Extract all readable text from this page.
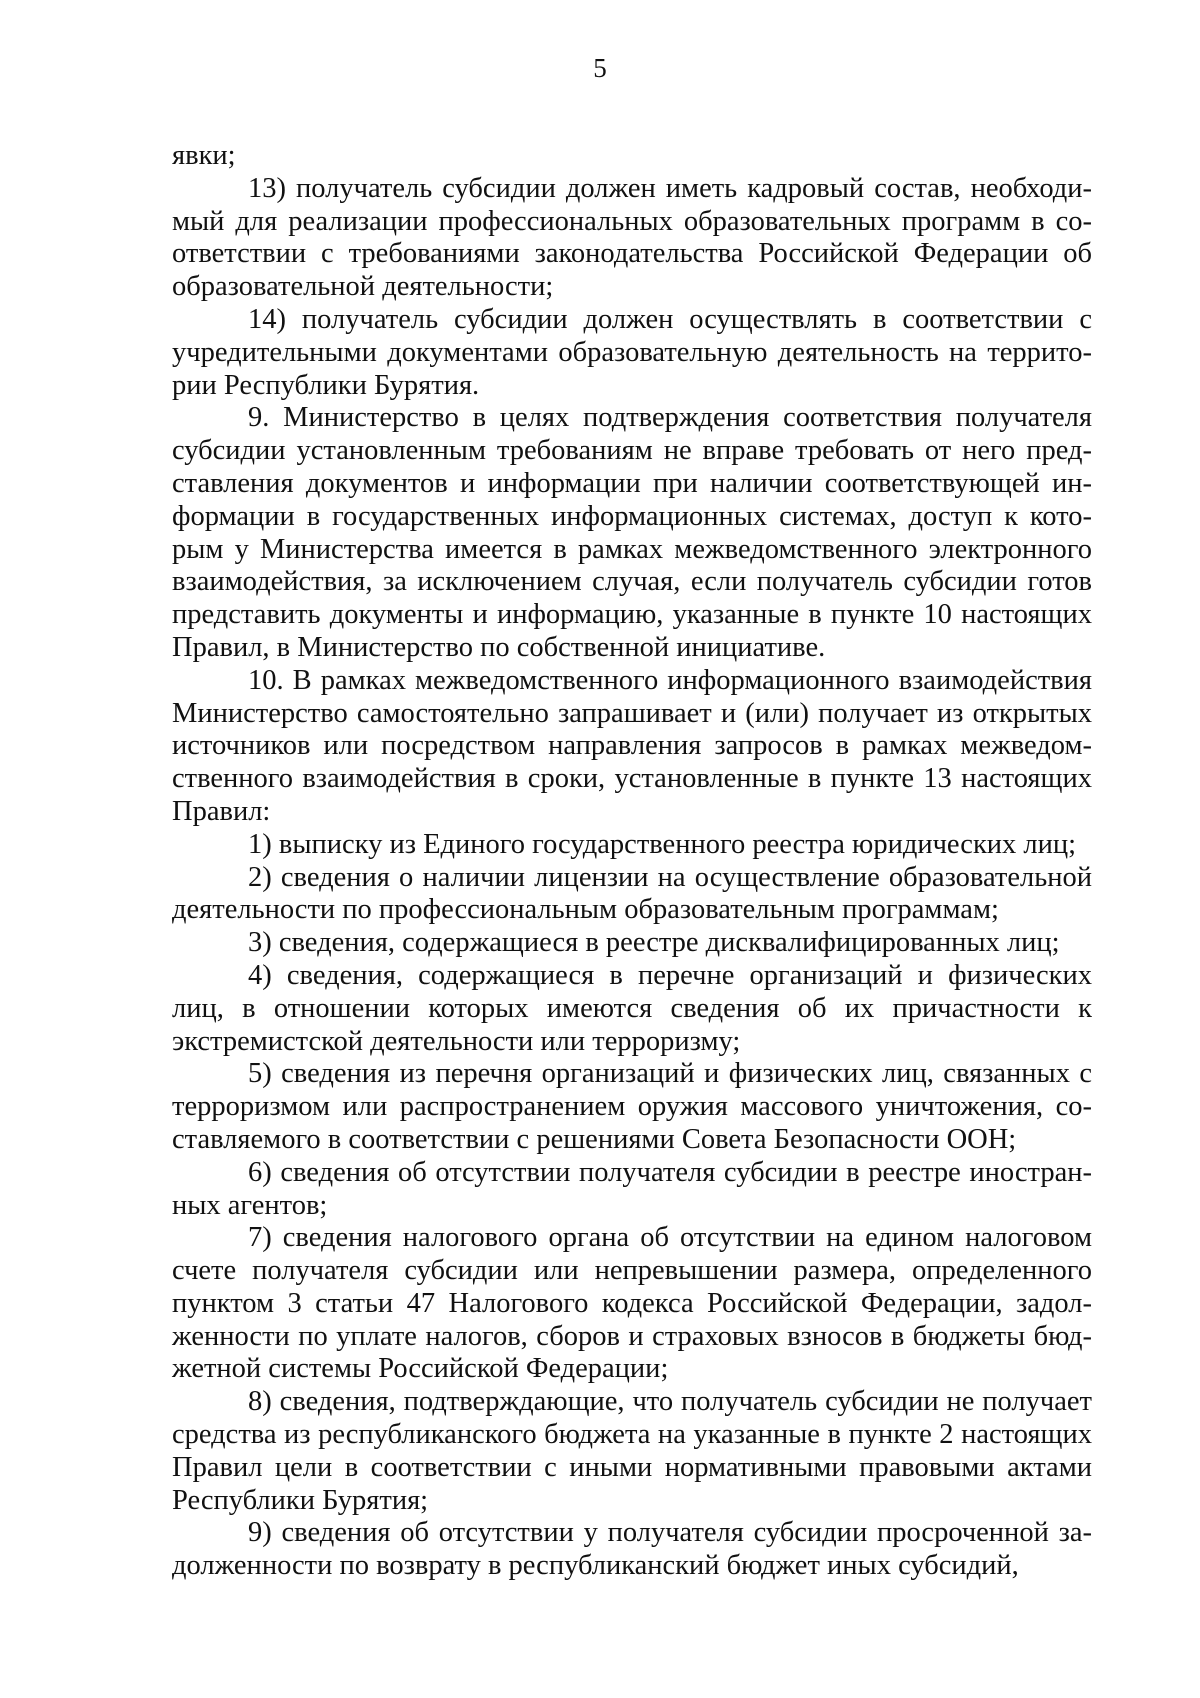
5

явки;

13) получатель субсидии должен иметь кадровый состав, необходимый для реализации профессиональных образовательных программ в соответствии с требованиями законодательства Российской Федерации об образовательной деятельности;

14) получатель субсидии должен осуществлять в соответствии с учредительными документами образовательную деятельность на территории Республики Бурятия.

9. Министерство в целях подтверждения соответствия получателя субсидии установленным требованиям не вправе требовать от него представления документов и информации при наличии соответствующей информации в государственных информационных системах, доступ к которым у Министерства имеется в рамках межведомственного электронного взаимодействия, за исключением случая, если получатель субсидии готов представить документы и информацию, указанные в пункте 10 настоящих Правил, в Министерство по собственной инициативе.

10. В рамках межведомственного информационного взаимодействия Министерство самостоятельно запрашивает и (или) получает из открытых источников или посредством направления запросов в рамках межведомственного взаимодействия в сроки, установленные в пункте 13 настоящих Правил:

1) выписку из Единого государственного реестра юридических лиц;

2) сведения о наличии лицензии на осуществление образовательной деятельности по профессиональным образовательным программам;

3) сведения, содержащиеся в реестре дисквалифицированных лиц;

4) сведения, содержащиеся в перечне организаций и физических лиц, в отношении которых имеются сведения об их причастности к экстремистской деятельности или терроризму;

5) сведения из перечня организаций и физических лиц, связанных с терроризмом или распространением оружия массового уничтожения, составляемого в соответствии с решениями Совета Безопасности ООН;

6) сведения об отсутствии получателя субсидии в реестре иностранных агентов;

7) сведения налогового органа об отсутствии на едином налоговом счете получателя субсидии или непревышении размера, определенного пунктом 3 статьи 47 Налогового кодекса Российской Федерации, задолженности по уплате налогов, сборов и страховых взносов в бюджеты бюджетной системы Российской Федерации;

8) сведения, подтверждающие, что получатель субсидии не получает средства из республиканского бюджета на указанные в пункте 2 настоящих Правил цели в соответствии с иными нормативными правовыми актами Республики Бурятия;

9) сведения об отсутствии у получателя субсидии просроченной задолженности по возврату в республиканский бюджет иных субсидий,
